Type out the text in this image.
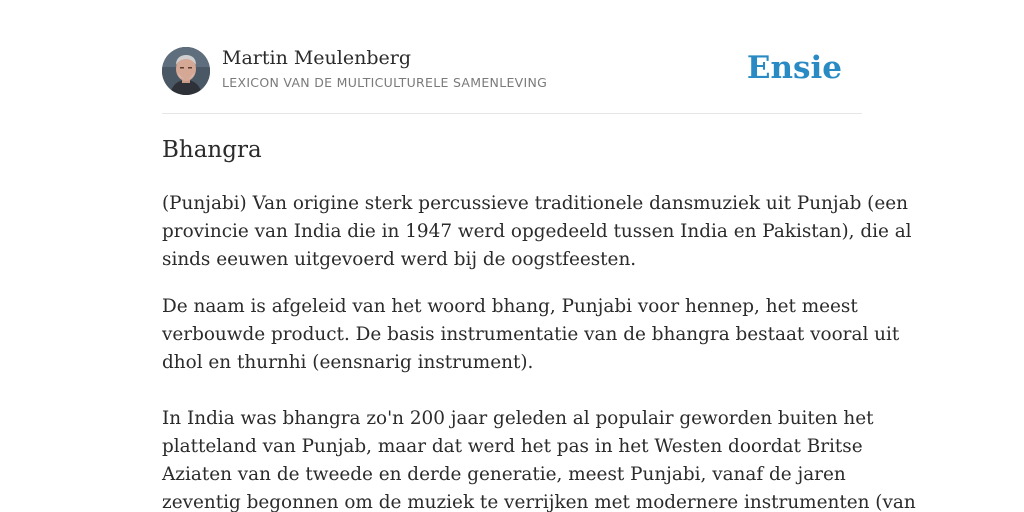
Martin Meulenberg
LEXICON VAN DE MULTICULTURELE SAMENLEVING	Ensie
Bhangra

(Punjabi) Van origine sterk percussieve traditionele dansmuziek uit Punjab (een
provincie van India die in 1947 werd opgedeeld tussen India en Pakistan), die al
sinds eeuwen uitgevoerd werd bij de oogstfeesten.

De naam is afgeleid van het woord bhang, Punjabi voor hennep, het meest
verbouwde product. De basis instrumentatie van de bhangra bestaat vooral uit
dhol en thurnhi (eensnarig instrument).
In India was bhangra zo'n 200 jaar geleden al populair geworden buiten het
platteland van Punjab, maar dat werd het pas in het Westen doordat Britse
Aziaten van de tweede en derde generatie, meest Punjabi, vanaf de jaren
zeventig begonnen om de muziek te verrijken met modernere instrumenten (van
